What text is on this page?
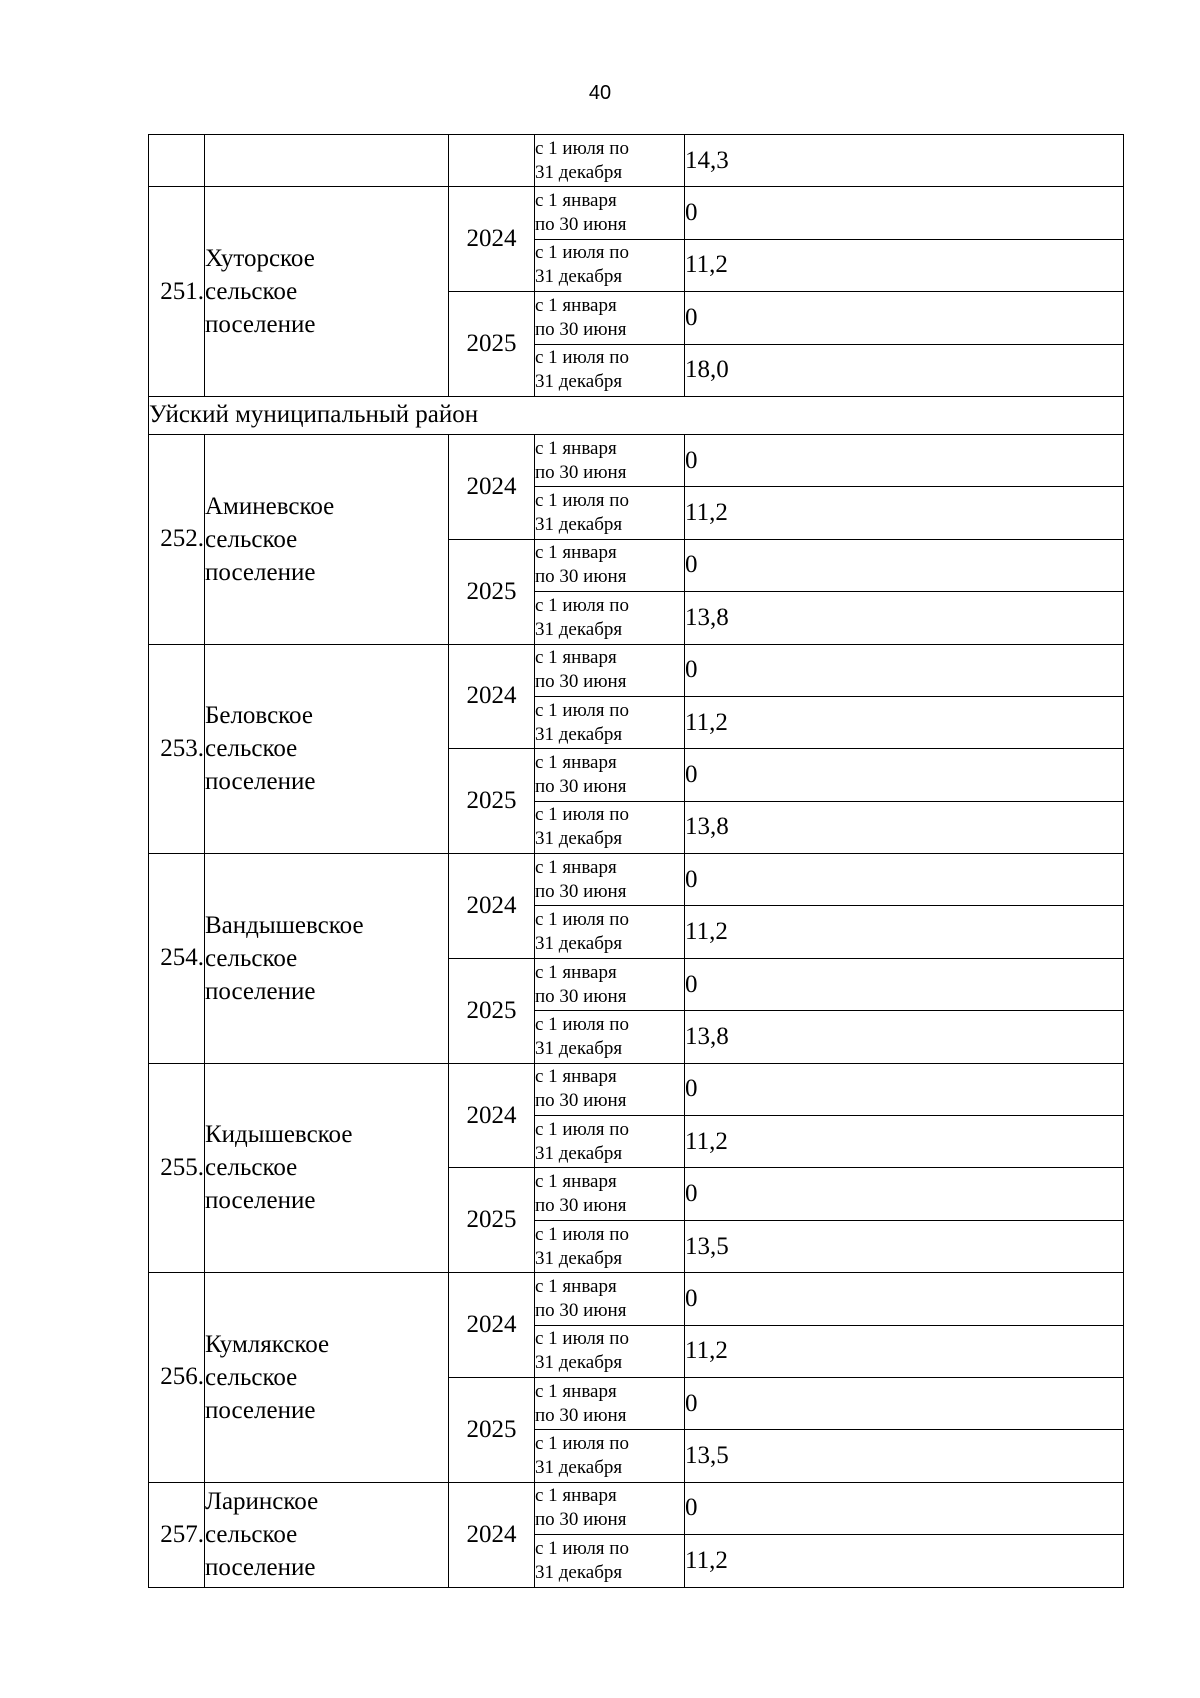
40

			с 1 июля по
31 декабря	14,3
251.	Хуторское
сельское
поселение	2024	с 1 января
по 30 июня	0

			с 1 июля по
31 декабря	11,2
		2025	с 1 января
по 30 июня	0

			с 1 июля по
31 декабря	18,0
Уйский муниципальный район				
252.	Аминевское
сельское
поселение	2024	с 1 января
по 30 июня	0

			с 1 июля по
31 декабря	11,2
		2025	с 1 января
по 30 июня	0

			с 1 июля по
31 декабря	13,8
253.	Беловское
сельское
поселение	2024	с 1 января
по 30 июня	0

			с 1 июля по
31 декабря	11,2
		2025	с 1 января
по 30 июня	0

			с 1 июля по
31 декабря	13,8
254.	Вандышевское
сельское
поселение	2024	с 1 января
по 30 июня	0

			с 1 июля по
31 декабря	11,2
		2025	с 1 января
по 30 июня	0

			с 1 июля по
31 декабря	13,8
255.	Кидышевское
сельское
поселение	2024	с 1 января
по 30 июня	0

			с 1 июля по
31 декабря	11,2
		2025	с 1 января
по 30 июня	0

			с 1 июля по
31 декабря	13,5
256.	Кумлякское
сельское
поселение	2024	с 1 января
по 30 июня	0

			с 1 июля по
31 декабря	11,2
		2025	с 1 января
по 30 июня	0

			с 1 июля по
31 декабря	13,5
257.	Ларинское
сельское
поселение	2024	с 1 января
по 30 июня	0

			с 1 июля по
31 декабря	11,2
